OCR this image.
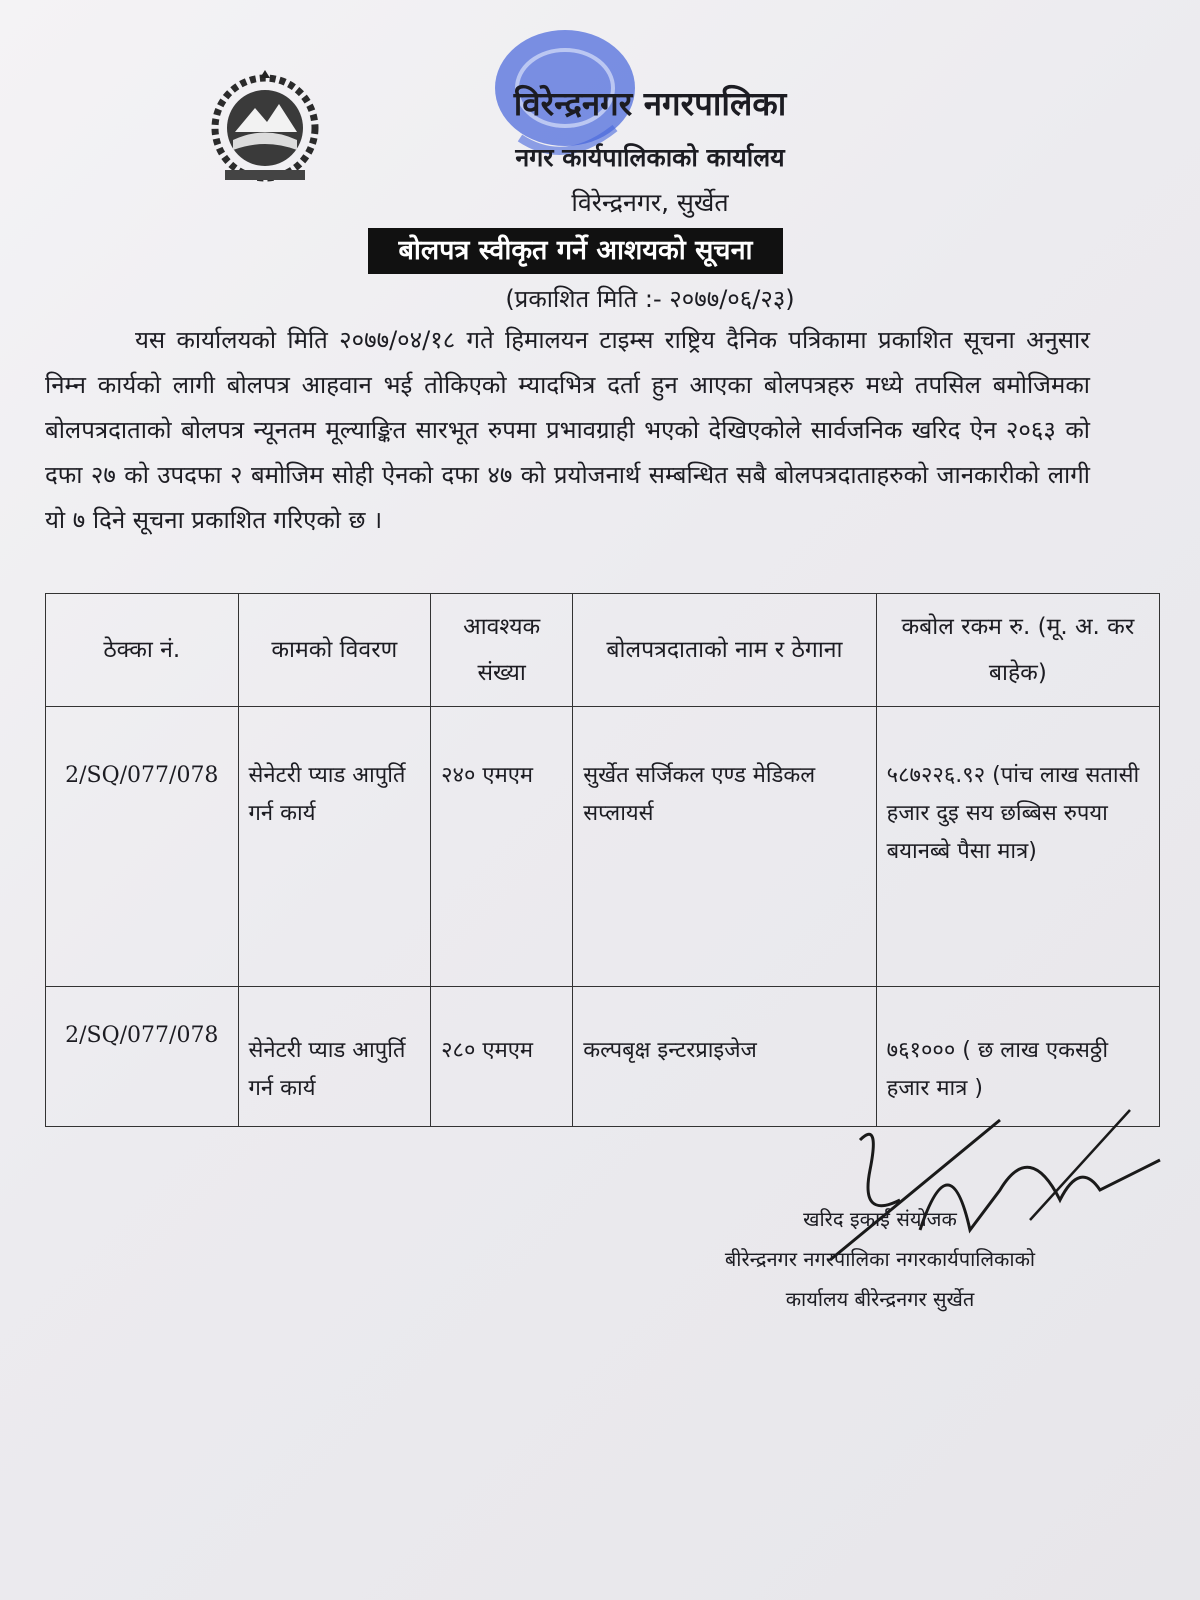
विरेन्द्रनगर नगरपालिका
नगर कार्यपालिकाको कार्यालय
विरेन्द्रनगर, सुर्खेत
बोलपत्र स्वीकृत गर्ने आशयको सूचना
(प्रकाशित मिति :- २०७७/०६/२३)
यस कार्यालयको मिति २०७७/०४/१८ गते हिमालयन टाइम्स राष्ट्रिय दैनिक पत्रिकामा प्रकाशित सूचना अनुसार निम्न कार्यको लागी बोलपत्र आहवान भई तोकिएको म्यादभित्र दर्ता हुन आएका बोलपत्रहरु मध्ये तपसिल बमोजिमका बोलपत्रदाताको बोलपत्र न्यूनतम मूल्याङ्कित सारभूत रुपमा प्रभावग्राही भएको देखिएकोले सार्वजनिक खरिद ऐन २०६३ को दफा २७ को उपदफा २ बमोजिम सोही ऐनको दफा ४७ को प्रयोजनार्थ सम्बन्धित सबै बोलपत्रदाताहरुको जानकारीको लागी यो ७ दिने सूचना प्रकाशित गरिएको छ ।
ठेक्का नं.	कामको विवरण	आवश्यक संख्या	बोलपत्रदाताको नाम र ठेगाना	कबोल रकम रु. (मू. अ. कर बाहेक)
2/SQ/077/078	सेनेटरी प्याड आपुर्ति गर्न कार्य	२४० एमएम	सुर्खेत सर्जिकल एण्ड मेडिकल सप्लायर्स	५८७२२६.९२ (पांच लाख सतासी हजार दुइ सय छब्बिस रुपया बयानब्बे पैसा मात्र)
2/SQ/077/078	सेनेटरी प्याड आपुर्ति गर्न कार्य	२८० एमएम	कल्पबृक्ष इन्टरप्राइजेज	७६१००० ( छ लाख एकसठ्ठी हजार मात्र )
खरिद इकाई संयोजक
बीरेन्द्रनगर नगरपालिका नगरकार्यपालिकाको
कार्यालय बीरेन्द्रनगर सुर्खेत
